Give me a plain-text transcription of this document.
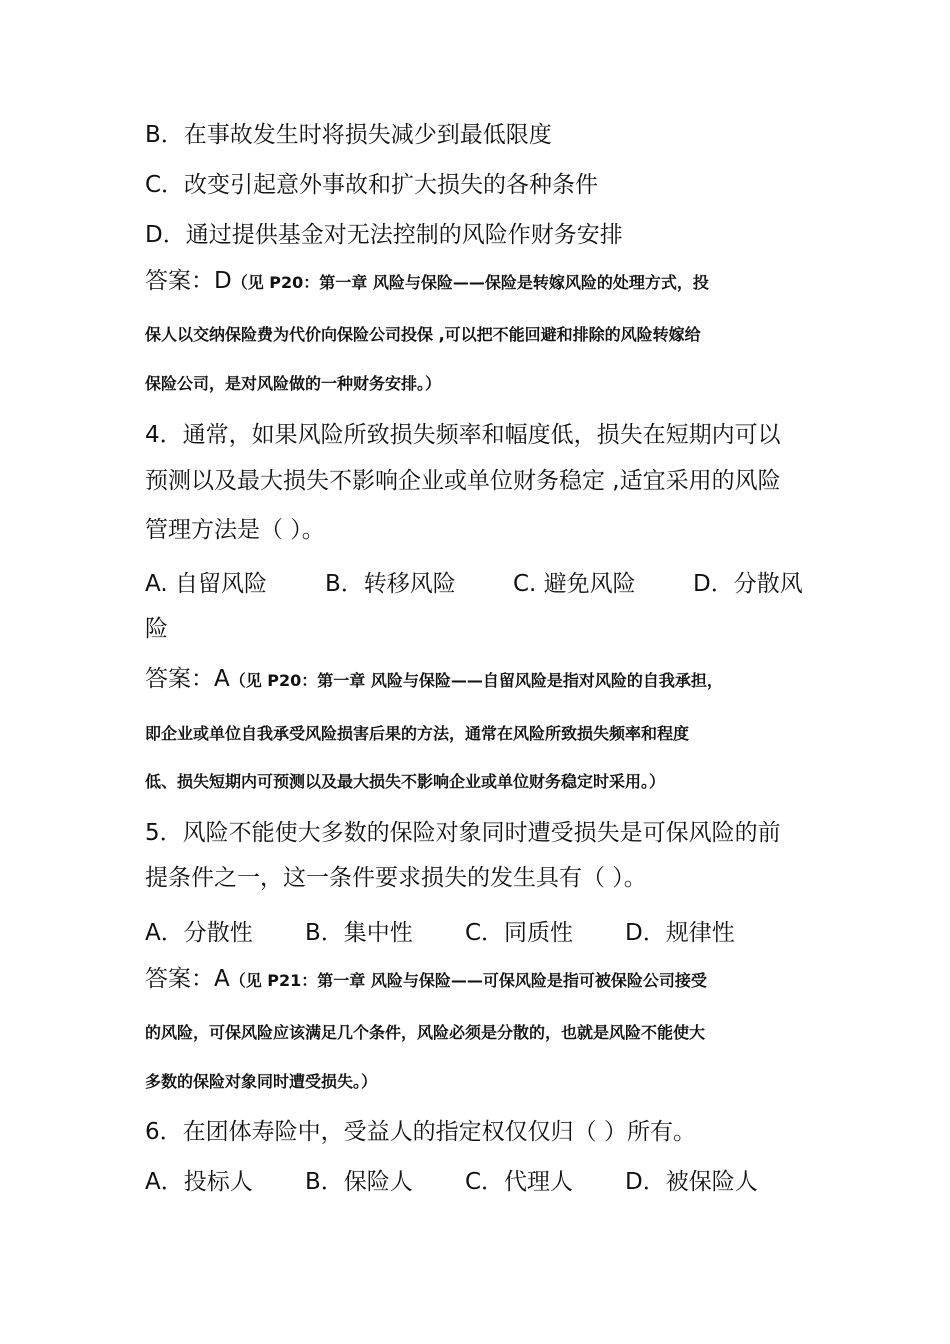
B．在事故发生时将损失减少到最低限度
C．改变引起意外事故和扩大损失的各种条件
D．通过提供基金对无法控制的风险作财务安排
答案：D（见 P20：第一章 风险与保险——保险是转嫁风险的处理方式，投
保人以交纳保险费为代价向保险公司投保 ,可以把不能回避和排除的风险转嫁给
保险公司，是对风险做的一种财务安排。）
4．通常，如果风险所致损失频率和幅度低，损失在短期内可以
预测以及最大损失不影响企业或单位财务稳定 ,适宜采用的风险
管理方法是（ ）。
A. 自留风险	B．转移风险 C. 避免风险 D．分散风
险
答案：A（见 P20：第一章 风险与保险——自留风险是指对风险的自我承担，
即企业或单位自我承受风险损害后果的方法，通常在风险所致损失频率和程度
低、损失短期内可预测以及最大损失不影响企业或单位财务稳定时采用。）
5．风险不能使大多数的保险对象同时遭受损失是可保风险的前
提条件之一，这一条件要求损失的发生具有（ ）。
A．分散性 B．集中性 C．同质性 D．规律性
答案：A（见 P21：第一章 风险与保险——可保风险是指可被保险公司接受
的风险，可保风险应该满足几个条件，风险必须是分散的，也就是风险不能使大
多数的保险对象同时遭受损失。）
6．在团体寿险中，受益人的指定权仅仅归（ ）所有。
A．投标人 B．保险人 C．代理人 D．被保险人
